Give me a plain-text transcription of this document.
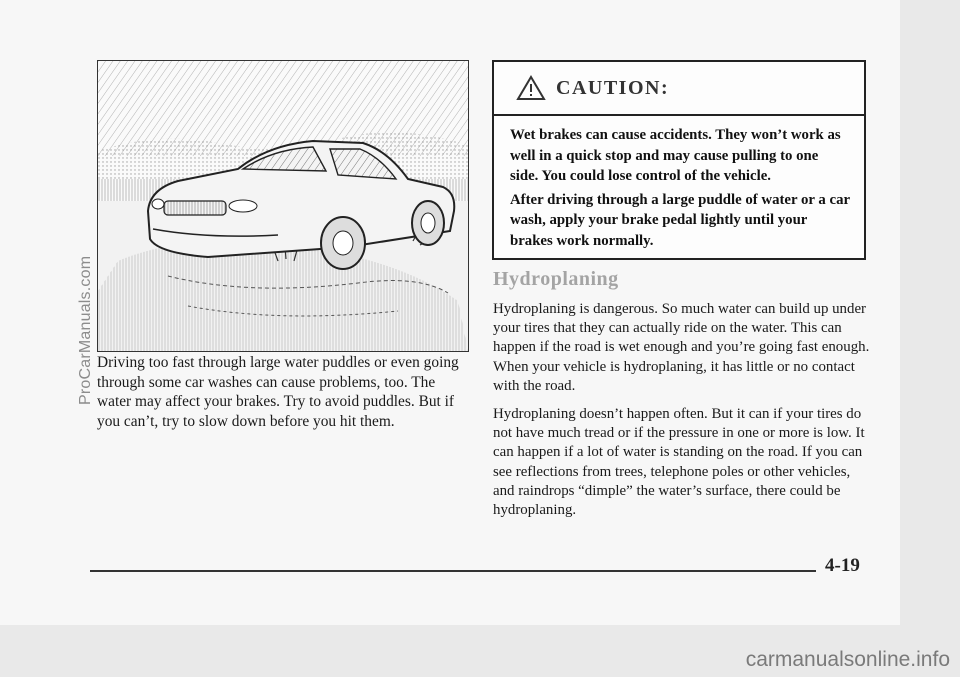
Driving too fast through large water puddles or even going through some car washes can cause problems, too. The water may affect your brakes. Try to avoid puddles. But if you can’t, try to slow down before you hit them.

CAUTION:

Wet brakes can cause accidents. They won’t work as well in a quick stop and may cause pulling to one side. You could lose control of the vehicle.

After driving through a large puddle of water or a car wash, apply your brake pedal lightly until your brakes work normally.

Hydroplaning

Hydroplaning is dangerous. So much water can build up under your tires that they can actually ride on the water. This can happen if the road is wet enough and you’re going fast enough. When your vehicle is hydroplaning, it has little or no contact with the road.

Hydroplaning doesn’t happen often. But it can if your tires do not have much tread or if the pressure in one or more is low. It can happen if a lot of water is standing on the road. If you can see reflections from trees, telephone poles or other vehicles, and raindrops “dimple” the water’s surface, there could be hydroplaning.

4-19
ProCarManuals.com
carmanualsonline.info
